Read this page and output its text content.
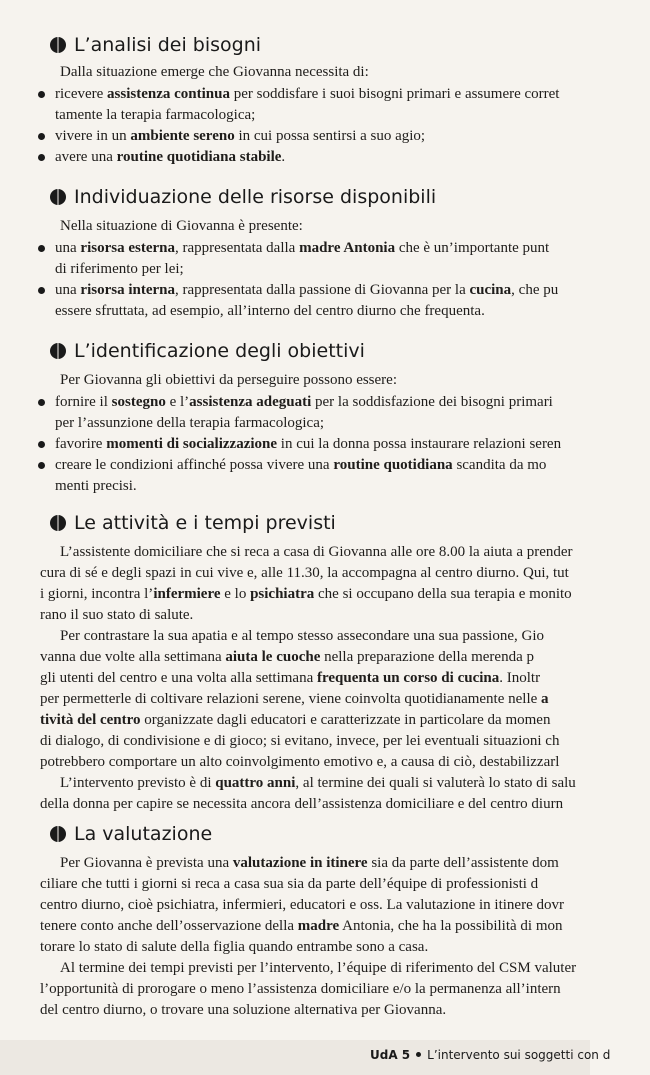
L’analisi dei bisogni
Dalla situazione emerge che Giovanna necessita di:
ricevere assistenza continua per soddisfare i suoi bisogni primari e assumere corret
tamente la terapia farmacologica;
vivere in un ambiente sereno in cui possa sentirsi a suo agio;
avere una routine quotidiana stabile.
Individuazione delle risorse disponibili
Nella situazione di Giovanna è presente:
una risorsa esterna, rappresentata dalla madre Antonia che è un’importante punt
di riferimento per lei;
una risorsa interna, rappresentata dalla passione di Giovanna per la cucina, che pu
essere sfruttata, ad esempio, all’interno del centro diurno che frequenta.
L’identificazione degli obiettivi
Per Giovanna gli obiettivi da perseguire possono essere:
fornire il sostegno e l’assistenza adeguati per la soddisfazione dei bisogni primari
per l’assunzione della terapia farmacologica;
favorire momenti di socializzazione in cui la donna possa instaurare relazioni seren
creare le condizioni affinché possa vivere una routine quotidiana scandita da mo
menti precisi.
Le attività e i tempi previsti
L’assistente domiciliare che si reca a casa di Giovanna alle ore 8.00 la aiuta a prender
cura di sé e degli spazi in cui vive e, alle 11.30, la accompagna al centro diurno. Qui, tut
i giorni, incontra l’infermiere e lo psichiatra che si occupano della sua terapia e monito
rano il suo stato di salute.
Per contrastare la sua apatia e al tempo stesso assecondare una sua passione, Gio
vanna due volte alla settimana aiuta le cuoche nella preparazione della merenda p
gli utenti del centro e una volta alla settimana frequenta un corso di cucina. Inoltr
per permetterle di coltivare relazioni serene, viene coinvolta quotidianamente nelle a
tività del centro organizzate dagli educatori e caratterizzate in particolare da momen
di dialogo, di condivisione e di gioco; si evitano, invece, per lei eventuali situazioni ch
potrebbero comportare un alto coinvolgimento emotivo e, a causa di ciò, destabilizzarl
L’intervento previsto è di quattro anni, al termine dei quali si valuterà lo stato di salu
della donna per capire se necessita ancora dell’assistenza domiciliare e del centro diurn
La valutazione
Per Giovanna è prevista una valutazione in itinere sia da parte dell’assistente dom
ciliare che tutti i giorni si reca a casa sua sia da parte dell’équipe di professionisti d
centro diurno, cioè psichiatra, infermieri, educatori e oss. La valutazione in itinere dovr
tenere conto anche dell’osservazione della madre Antonia, che ha la possibilità di mon
torare lo stato di salute della figlia quando entrambe sono a casa.
Al termine dei tempi previsti per l’intervento, l’équipe di riferimento del CSM valuter
l’opportunità di prorogare o meno l’assistenza domiciliare e/o la permanenza all’intern
del centro diurno, o trovare una soluzione alternativa per Giovanna.
UdA 5 L’intervento sui soggetti con d
